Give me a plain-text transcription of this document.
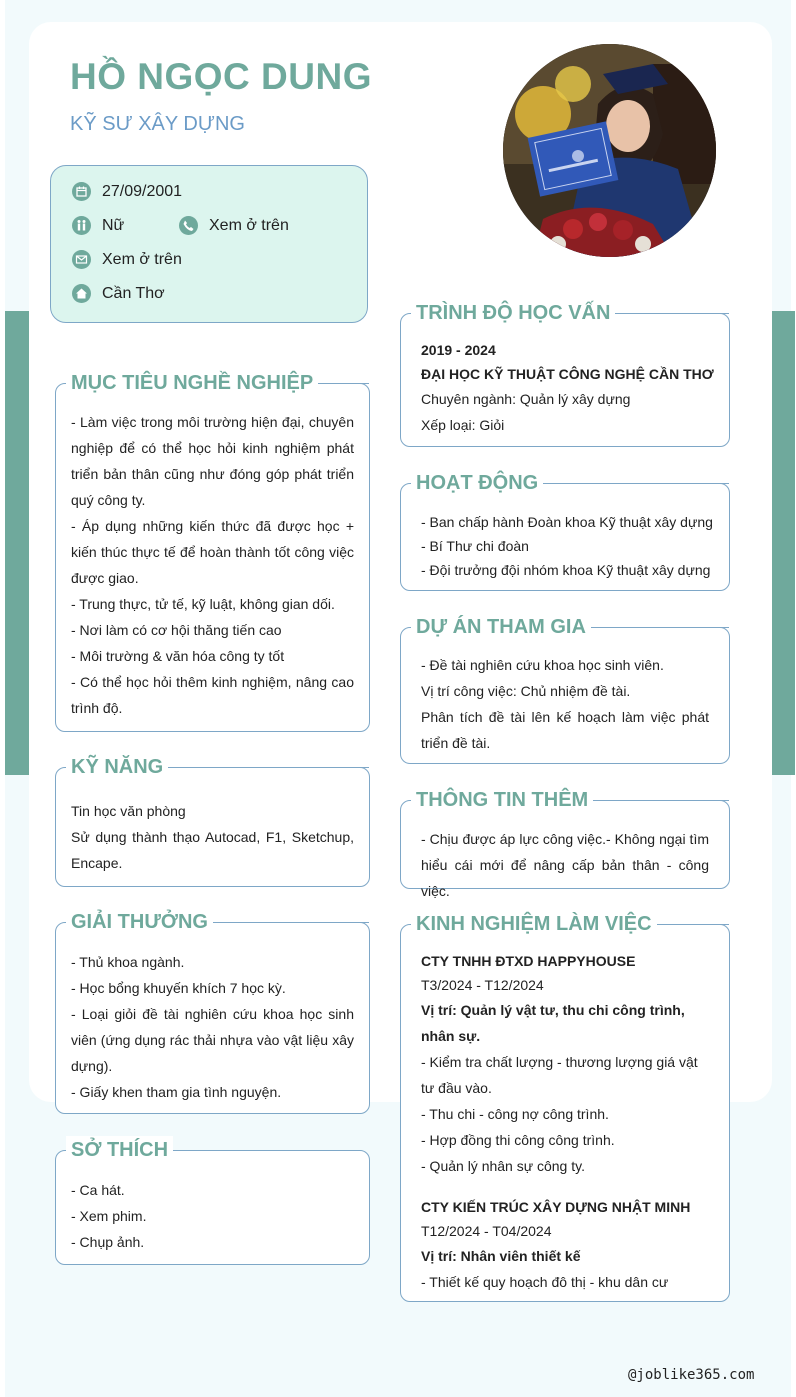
HỒ NGỌC DUNG
KỸ SƯ XÂY DỰNG
27/09/2001
Nữ	Xem ở trên
Xem ở trên
Cần Thơ
MỤC TIÊU NGHỀ NGHIỆP

- Làm việc trong môi trường hiện đại, chuyên nghiệp để có thể học hỏi kinh nghiệm phát triển bản thân cũng như đóng góp phát triển quý công ty.

- Áp dụng những kiến thức đã được học + kiến thúc thực tế để hoàn thành tốt công việc được giao.

- Trung thực, tử tế, kỹ luật, không gian dối.

- Nơi làm có cơ hội thăng tiến cao

- Môi trường & văn hóa công ty tốt

- Có thể học hỏi thêm kinh nghiệm, nâng cao trình độ.

KỸ NĂNG

Tin học văn phòng

Sử dụng thành thạo Autocad, F1, Sketchup, Encape.

GIẢI THƯỞNG

- Thủ khoa ngành.

- Học bổng khuyến khích 7 học kỳ.

- Loại giỏi đề tài nghiên cứu khoa học sinh viên (ứng dụng rác thải nhựa vào vật liệu xây dựng).

- Giấy khen tham gia tình nguyện.

SỞ THÍCH

- Ca hát.

- Xem phim.

- Chụp ảnh.

TRÌNH ĐỘ HỌC VẤN

2019 - 2024

ĐẠI HỌC KỸ THUẬT CÔNG NGHỆ CẦN THƠ

Chuyên ngành: Quản lý xây dựng

Xếp loại: Giỏi

HOẠT ĐỘNG

- Ban chấp hành Đoàn khoa Kỹ thuật xây dựng

- Bí Thư chi đoàn

- Đội trưởng đội nhóm khoa Kỹ thuật xây dựng

DỰ ÁN THAM GIA

- Đề tài nghiên cứu khoa học sinh viên.

Vị trí công việc: Chủ nhiệm đề tài.

Phân tích đề tài lên kế hoạch làm việc phát triển đề tài.

THÔNG TIN THÊM
- Chịu được áp lực công việc.- Không ngại tìm hiểu cái mới để nâng cấp bản thân - công việc.
KINH NGHIỆM LÀM VIỆC

CTY TNHH ĐTXD HAPPYHOUSE

T3/2024 - T12/2024

Vị trí: Quản lý vật tư, thu chi công trình, nhân sự.

- Kiểm tra chất lượng - thương lượng giá vật tư đầu vào.

- Thu chi - công nợ công trình.

- Hợp đồng thi công công trình.

- Quản lý nhân sự công ty.

CTY KIẾN TRÚC XÂY DỰNG NHẬT MINH

T12/2024 - T04/2024

Vị trí: Nhân viên thiết kế

- Thiết kế quy hoạch đô thị - khu dân cư

@joblike365.com
